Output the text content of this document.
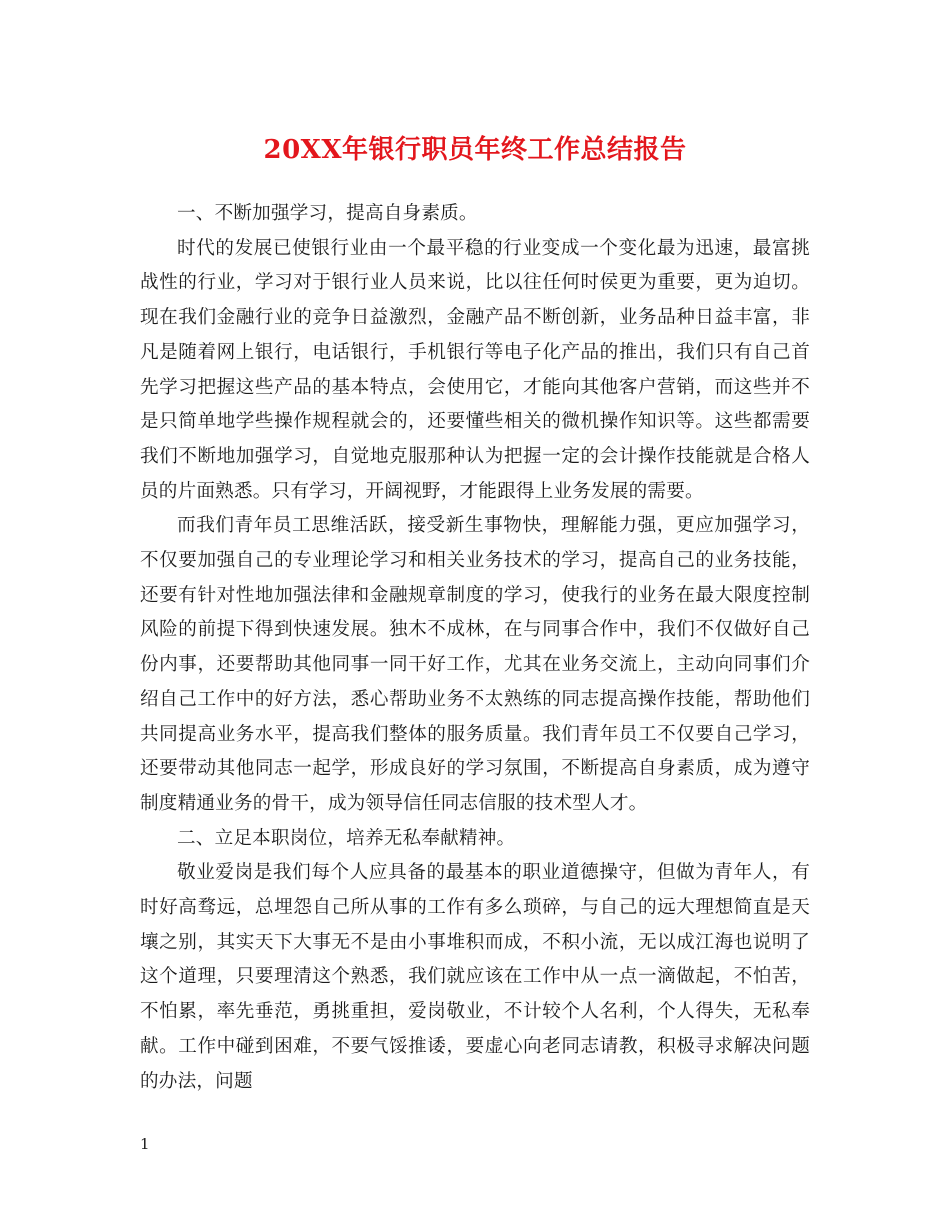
20XX年银行职员年终工作总结报告

一、不断加强学习，提高自身素质。

时代的发展已使银行业由一个最平稳的行业变成一个变化最为迅速，最富挑战性的行业，学习对于银行业人员来说，比以往任何时侯更为重要，更为迫切。现在我们金融行业的竞争日益激烈，金融产品不断创新，业务品种日益丰富，非凡是随着网上银行，电话银行，手机银行等电子化产品的推出，我们只有自己首先学习把握这些产品的基本特点，会使用它，才能向其他客户营销，而这些并不是只简单地学些操作规程就会的，还要懂些相关的微机操作知识等。这些都需要我们不断地加强学习，自觉地克服那种认为把握一定的会计操作技能就是合格人员的片面熟悉。只有学习，开阔视野，才能跟得上业务发展的需要。

而我们青年员工思维活跃，接受新生事物快，理解能力强，更应加强学习，不仅要加强自己的专业理论学习和相关业务技术的学习，提高自己的业务技能，还要有针对性地加强法律和金融规章制度的学习，使我行的业务在最大限度控制风险的前提下得到快速发展。独木不成林，在与同事合作中，我们不仅做好自己份内事，还要帮助其他同事一同干好工作，尤其在业务交流上，主动向同事们介绍自己工作中的好方法，悉心帮助业务不太熟练的同志提高操作技能，帮助他们共同提高业务水平，提高我们整体的服务质量。我们青年员工不仅要自己学习，还要带动其他同志一起学，形成良好的学习氛围，不断提高自身素质，成为遵守制度精通业务的骨干，成为领导信任同志信服的技术型人才。

二、立足本职岗位，培养无私奉献精神。

敬业爱岗是我们每个人应具备的最基本的职业道德操守，但做为青年人，有时好高骛远，总埋怨自己所从事的工作有多么琐碎，与自己的远大理想简直是天壤之别，其实天下大事无不是由小事堆积而成，不积小流，无以成江海也说明了这个道理，只要理清这个熟悉，我们就应该在工作中从一点一滴做起，不怕苦，不怕累，率先垂范，勇挑重担，爱岗敬业，不计较个人名利，个人得失，无私奉献。工作中碰到困难，不要气馁推诿，要虚心向老同志请教，积极寻求解决问题的办法，问题

1
